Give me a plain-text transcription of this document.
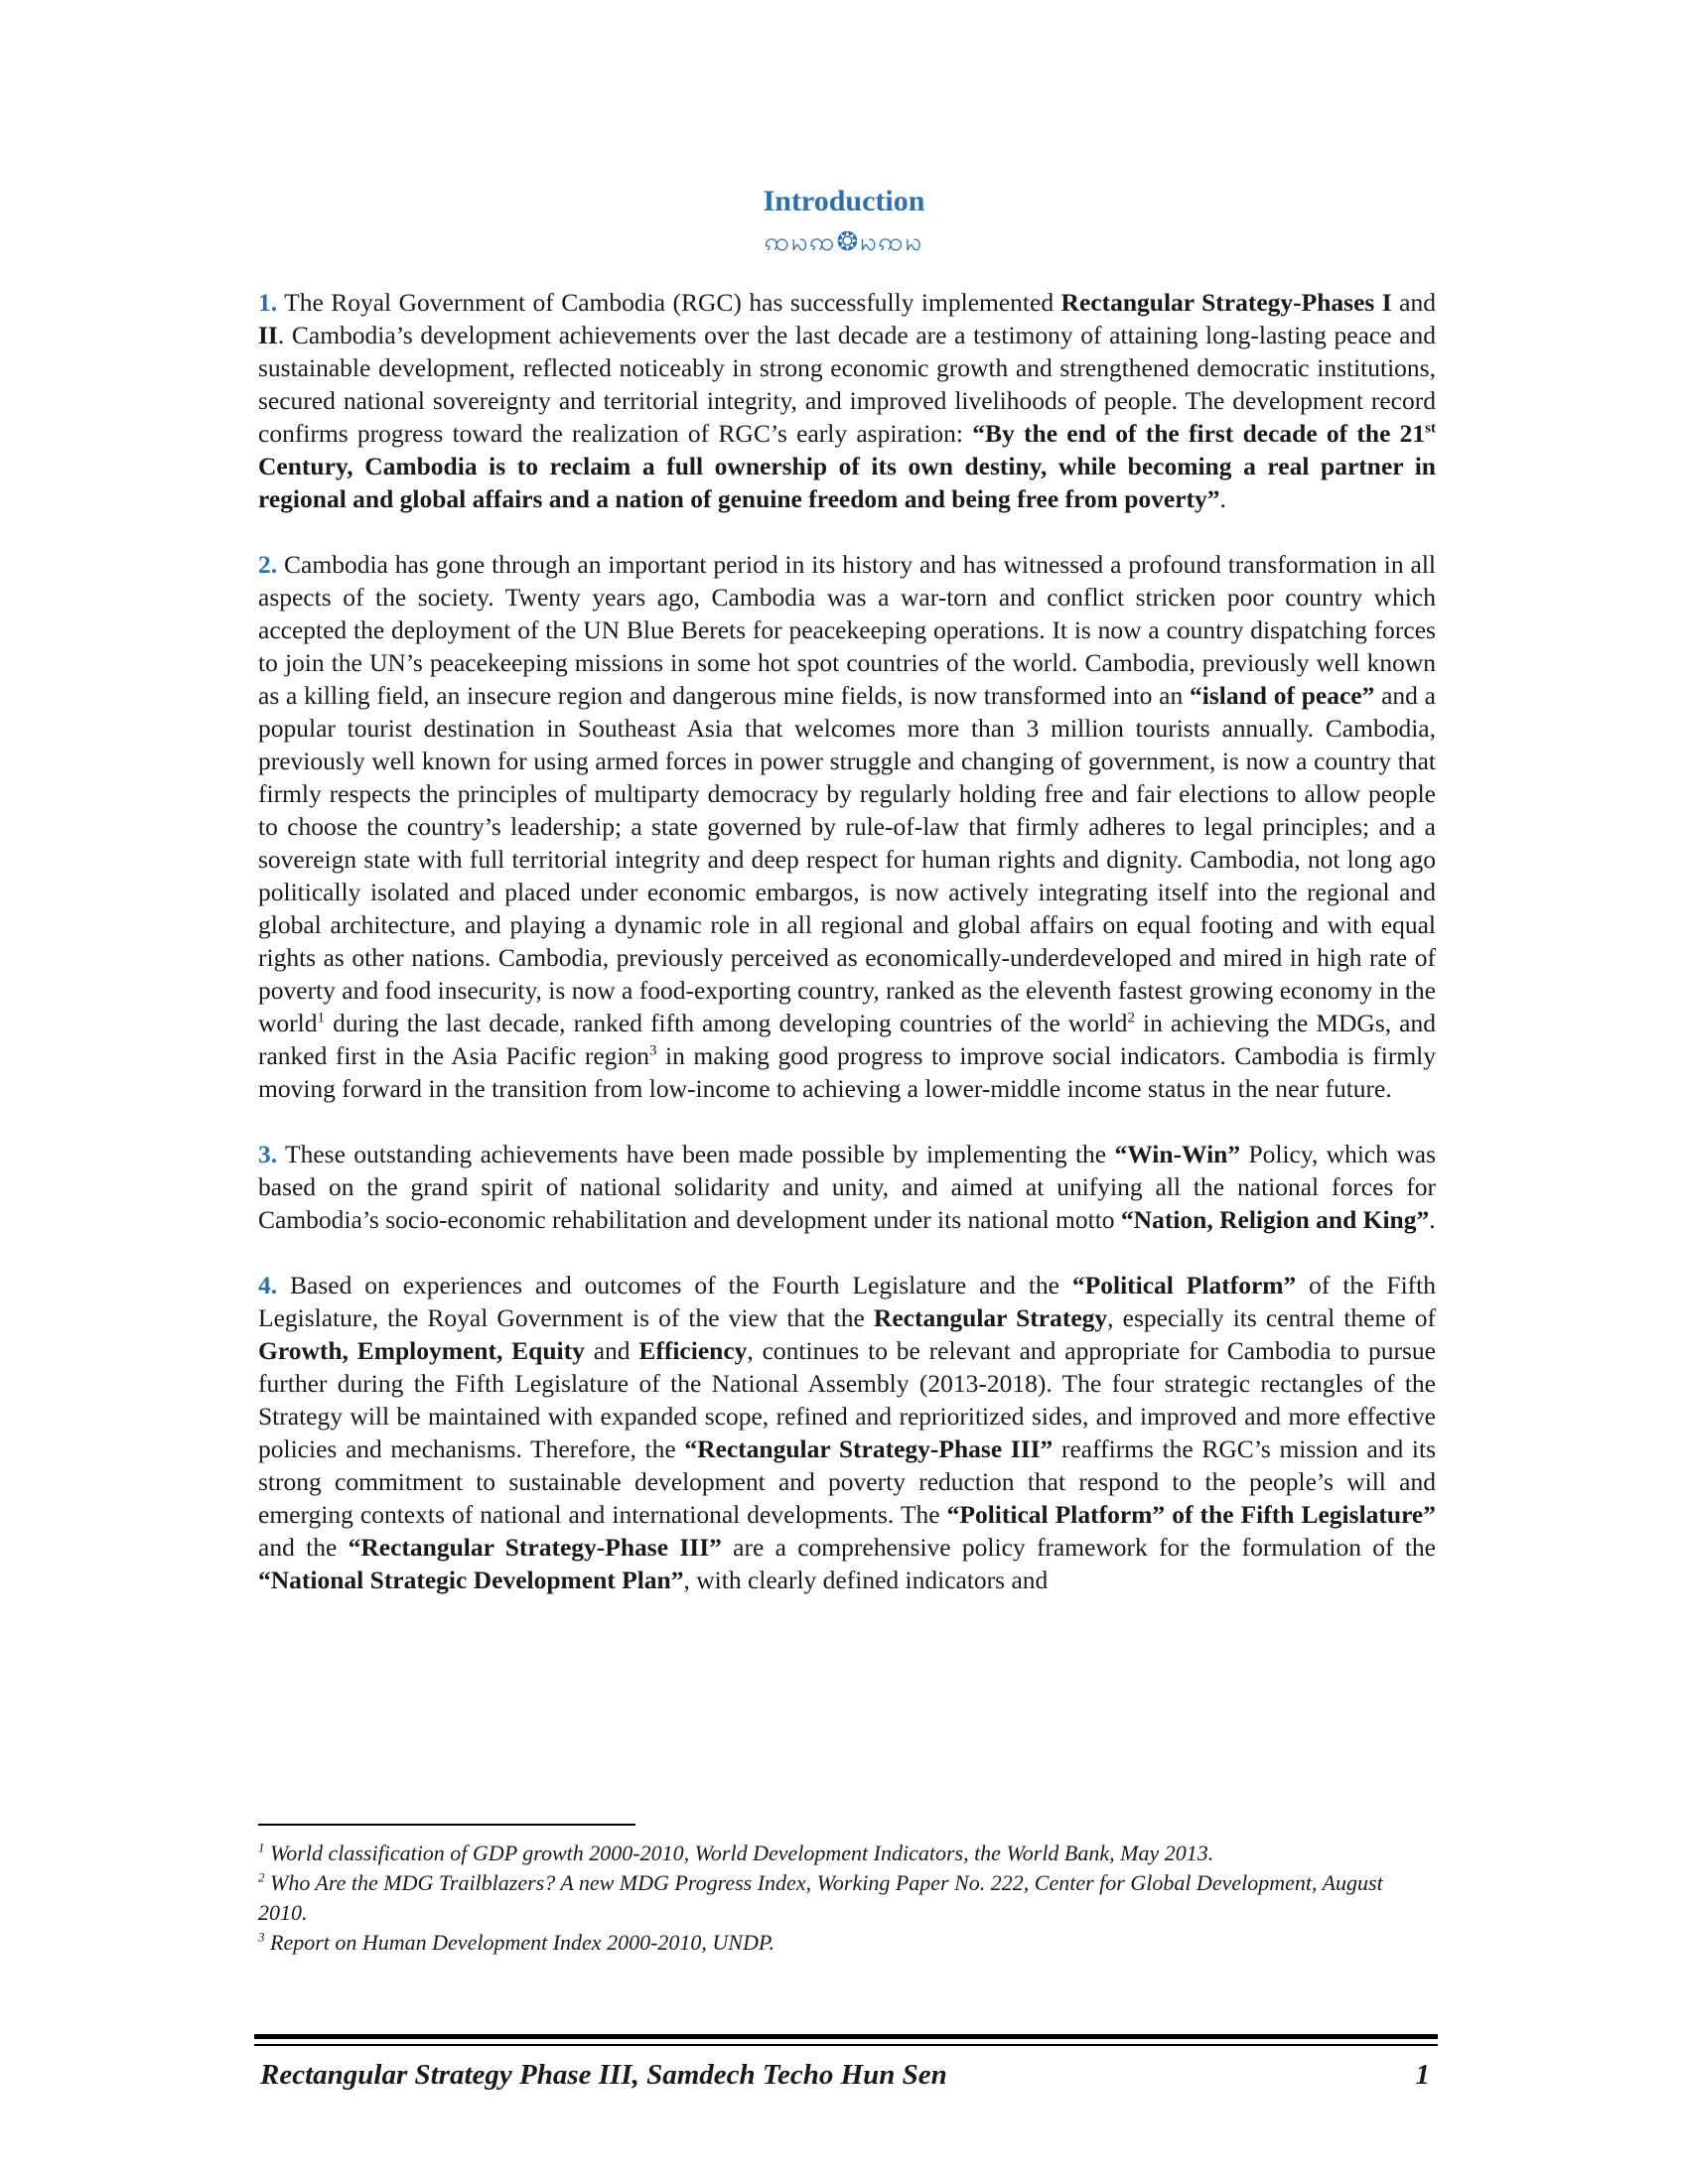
Introduction
ꩡꩢꩡ❂ꩢꩡꩢ

1. The Royal Government of Cambodia (RGC) has successfully implemented Rectangular Strategy-Phases I and II. Cambodia’s development achievements over the last decade are a testimony of attaining long-lasting peace and sustainable development, reflected noticeably in strong economic growth and strengthened democratic institutions, secured national sovereignty and territorial integrity, and improved livelihoods of people. The development record confirms progress toward the realization of RGC’s early aspiration: “By the end of the first decade of the 21st Century, Cambodia is to reclaim a full ownership of its own destiny, while becoming a real partner in regional and global affairs and a nation of genuine freedom and being free from poverty”.

2. Cambodia has gone through an important period in its history and has witnessed a profound transformation in all aspects of the society. Twenty years ago, Cambodia was a war-torn and conflict stricken poor country which accepted the deployment of the UN Blue Berets for peacekeeping operations. It is now a country dispatching forces to join the UN’s peacekeeping missions in some hot spot countries of the world. Cambodia, previously well known as a killing field, an insecure region and dangerous mine fields, is now transformed into an “island of peace” and a popular tourist destination in Southeast Asia that welcomes more than 3 million tourists annually. Cambodia, previously well known for using armed forces in power struggle and changing of government, is now a country that firmly respects the principles of multiparty democracy by regularly holding free and fair elections to allow people to choose the country’s leadership; a state governed by rule-of-law that firmly adheres to legal principles; and a sovereign state with full territorial integrity and deep respect for human rights and dignity. Cambodia, not long ago politically isolated and placed under economic embargos, is now actively integrating itself into the regional and global architecture, and playing a dynamic role in all regional and global affairs on equal footing and with equal rights as other nations. Cambodia, previously perceived as economically-underdeveloped and mired in high rate of poverty and food insecurity, is now a food-exporting country, ranked as the eleventh fastest growing economy in the world$^1$ during the last decade, ranked fifth among developing countries of the world$^2$ in achieving the MDGs, and ranked first in the Asia Pacific region$^3$ in making good progress to improve social indicators. Cambodia is firmly moving forward in the transition from low-income to achieving a lower-middle income status in the near future.

3. These outstanding achievements have been made possible by implementing the “Win-Win” Policy, which was based on the grand spirit of national solidarity and unity, and aimed at unifying all the national forces for Cambodia’s socio-economic rehabilitation and development under its national motto “Nation, Religion and King”.

4. Based on experiences and outcomes of the Fourth Legislature and the “Political Platform” of the Fifth Legislature, the Royal Government is of the view that the Rectangular Strategy, especially its central theme of Growth, Employment, Equity and Efficiency, continues to be relevant and appropriate for Cambodia to pursue further during the Fifth Legislature of the National Assembly (2013-2018). The four strategic rectangles of the Strategy will be maintained with expanded scope, refined and reprioritized sides, and improved and more effective policies and mechanisms. Therefore, the “Rectangular Strategy-Phase III” reaffirms the RGC’s mission and its strong commitment to sustainable development and poverty reduction that respond to the people’s will and emerging contexts of national and international developments. The “Political Platform” of the Fifth Legislature” and the “Rectangular Strategy-Phase III” are a comprehensive policy framework for the formulation of the “National Strategic Development Plan”, with clearly defined indicators and

$^1$ World classification of GDP growth 2000-2010, World Development Indicators, the World Bank, May 2013.

$^2$ Who Are the MDG Trailblazers? A new MDG Progress Index, Working Paper No. 222, Center for Global Development, August 2010.

$^3$ Report on Human Development Index 2000-2010, UNDP.

Rectangular Strategy Phase III, Samdech Techo Hun Sen	1
